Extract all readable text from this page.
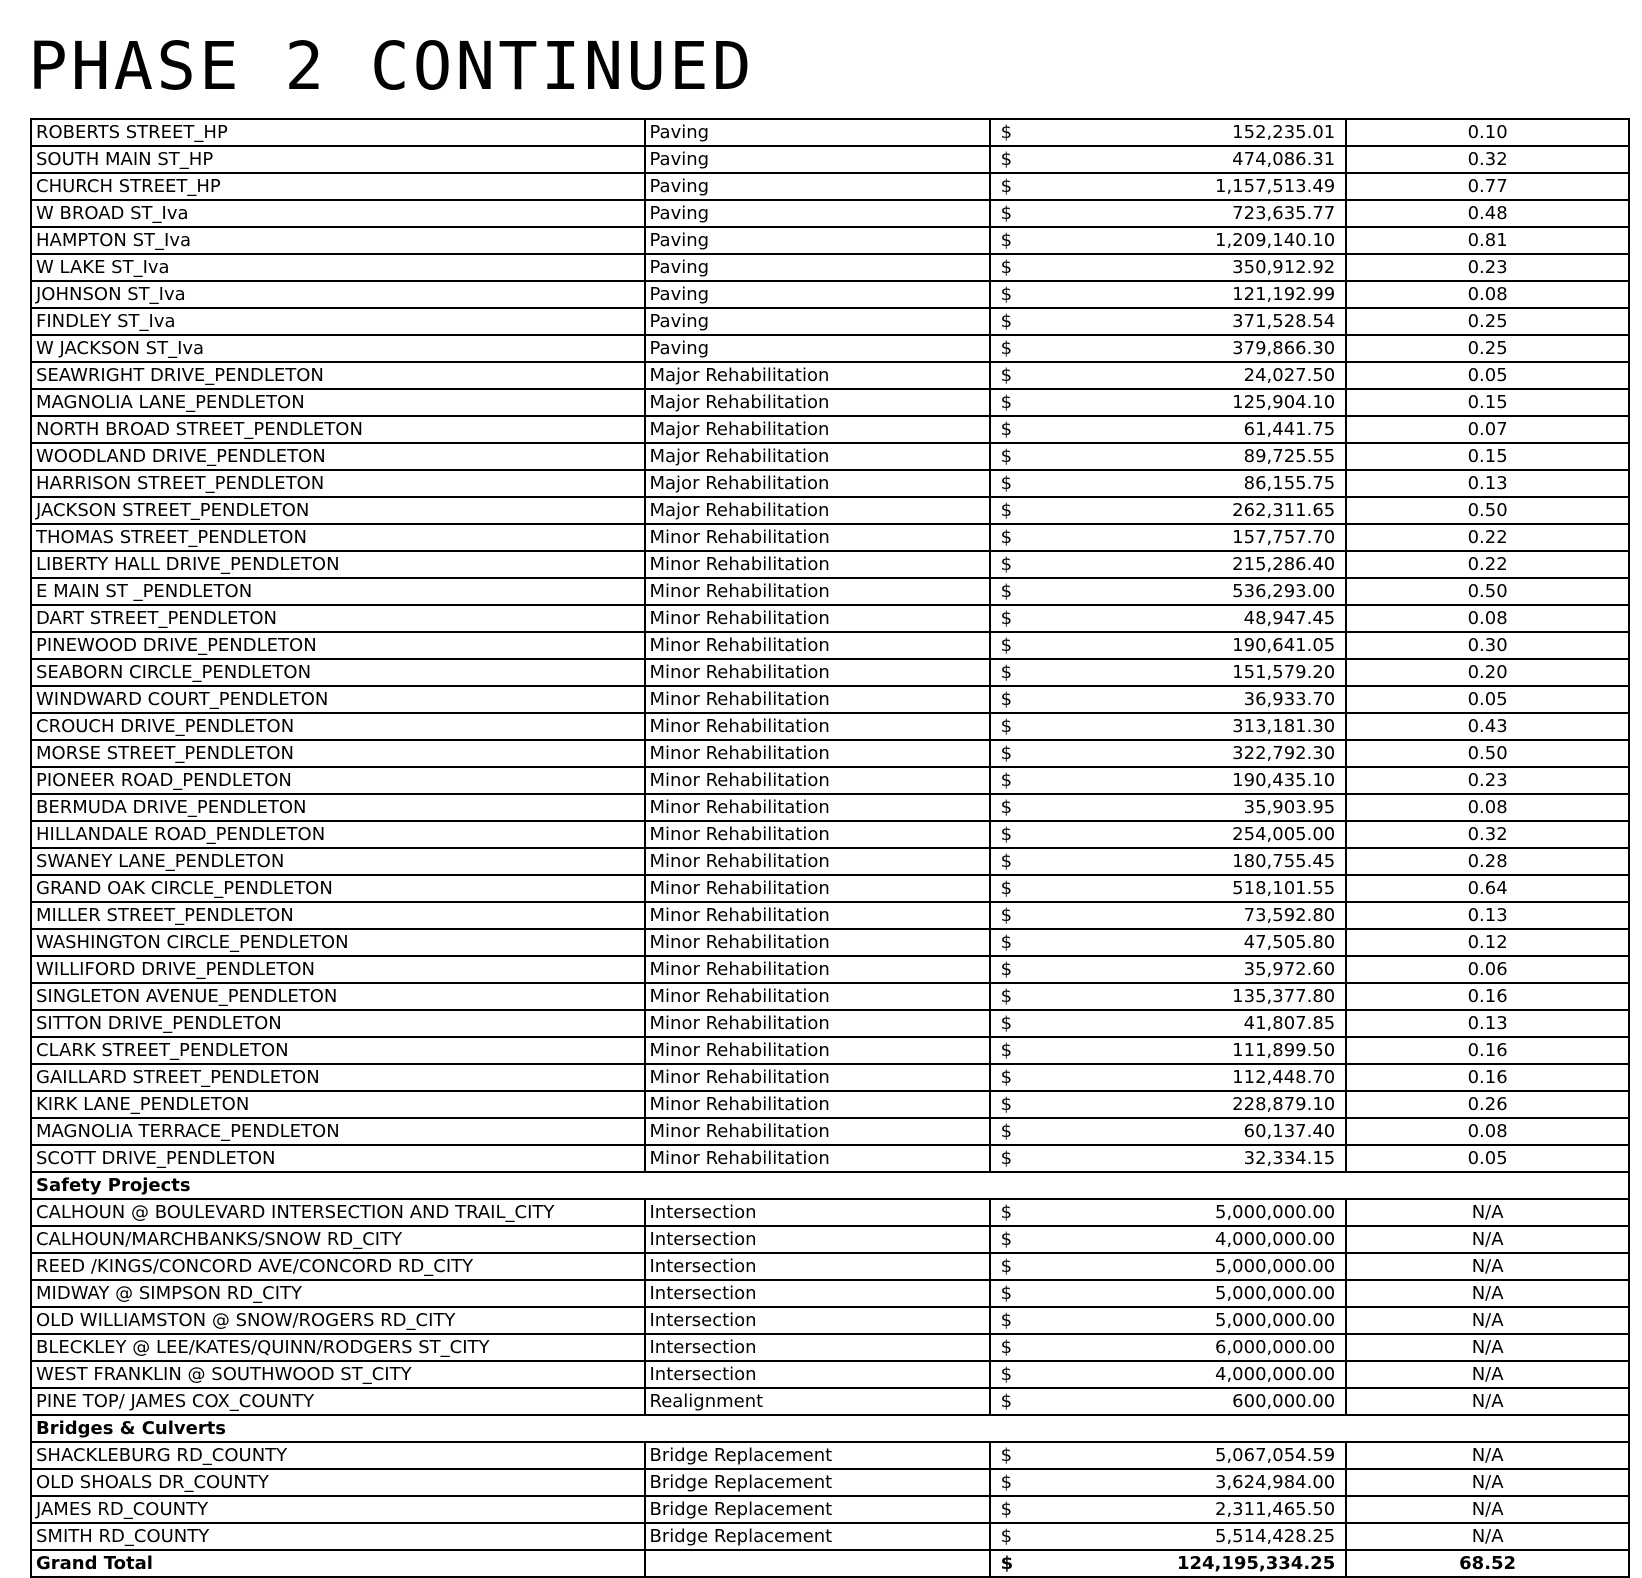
PHASE 2 CONTINUED
ROBERTS STREET_HP	Paving	$	152,235.01	0.10
SOUTH MAIN ST_HP	Paving	$	474,086.31	0.32
CHURCH STREET_HP	Paving	$	1,157,513.49	0.77
W BROAD ST_Iva	Paving	$	723,635.77	0.48
HAMPTON ST_Iva	Paving	$	1,209,140.10	0.81
W LAKE ST_Iva	Paving	$	350,912.92	0.23
JOHNSON ST_Iva	Paving	$	121,192.99	0.08
FINDLEY ST_Iva	Paving	$	371,528.54	0.25
W JACKSON ST_Iva	Paving	$	379,866.30	0.25
SEAWRIGHT DRIVE_PENDLETON	Major Rehabilitation	$	24,027.50	0.05
MAGNOLIA LANE_PENDLETON	Major Rehabilitation	$	125,904.10	0.15
NORTH BROAD STREET_PENDLETON	Major Rehabilitation	$	61,441.75	0.07
WOODLAND DRIVE_PENDLETON	Major Rehabilitation	$	89,725.55	0.15
HARRISON STREET_PENDLETON	Major Rehabilitation	$	86,155.75	0.13
JACKSON STREET_PENDLETON	Major Rehabilitation	$	262,311.65	0.50
THOMAS STREET_PENDLETON	Minor Rehabilitation	$	157,757.70	0.22
LIBERTY HALL DRIVE_PENDLETON	Minor Rehabilitation	$	215,286.40	0.22
E MAIN ST _PENDLETON	Minor Rehabilitation	$	536,293.00	0.50
DART STREET_PENDLETON	Minor Rehabilitation	$	48,947.45	0.08
PINEWOOD DRIVE_PENDLETON	Minor Rehabilitation	$	190,641.05	0.30
SEABORN CIRCLE_PENDLETON	Minor Rehabilitation	$	151,579.20	0.20
WINDWARD COURT_PENDLETON	Minor Rehabilitation	$	36,933.70	0.05
CROUCH DRIVE_PENDLETON	Minor Rehabilitation	$	313,181.30	0.43
MORSE STREET_PENDLETON	Minor Rehabilitation	$	322,792.30	0.50
PIONEER ROAD_PENDLETON	Minor Rehabilitation	$	190,435.10	0.23
BERMUDA DRIVE_PENDLETON	Minor Rehabilitation	$	35,903.95	0.08
HILLANDALE ROAD_PENDLETON	Minor Rehabilitation	$	254,005.00	0.32
SWANEY LANE_PENDLETON	Minor Rehabilitation	$	180,755.45	0.28
GRAND OAK CIRCLE_PENDLETON	Minor Rehabilitation	$	518,101.55	0.64
MILLER STREET_PENDLETON	Minor Rehabilitation	$	73,592.80	0.13
WASHINGTON CIRCLE_PENDLETON	Minor Rehabilitation	$	47,505.80	0.12
WILLIFORD DRIVE_PENDLETON	Minor Rehabilitation	$	35,972.60	0.06
SINGLETON AVENUE_PENDLETON	Minor Rehabilitation	$	135,377.80	0.16
SITTON DRIVE_PENDLETON	Minor Rehabilitation	$	41,807.85	0.13
CLARK STREET_PENDLETON	Minor Rehabilitation	$	111,899.50	0.16
GAILLARD STREET_PENDLETON	Minor Rehabilitation	$	112,448.70	0.16
KIRK LANE_PENDLETON	Minor Rehabilitation	$	228,879.10	0.26
MAGNOLIA TERRACE_PENDLETON	Minor Rehabilitation	$	60,137.40	0.08
SCOTT DRIVE_PENDLETON	Minor Rehabilitation	$	32,334.15	0.05
Safety Projects				
CALHOUN @ BOULEVARD INTERSECTION AND TRAIL_CITY	Intersection	$	5,000,000.00	N/A
CALHOUN/MARCHBANKS/SNOW RD_CITY	Intersection	$	4,000,000.00	N/A
REED /KINGS/CONCORD AVE/CONCORD RD_CITY	Intersection	$	5,000,000.00	N/A
MIDWAY @ SIMPSON RD_CITY	Intersection	$	5,000,000.00	N/A
OLD WILLIAMSTON @ SNOW/ROGERS RD_CITY	Intersection	$	5,000,000.00	N/A
BLECKLEY @ LEE/KATES/QUINN/RODGERS ST_CITY	Intersection	$	6,000,000.00	N/A
WEST FRANKLIN @ SOUTHWOOD ST_CITY	Intersection	$	4,000,000.00	N/A
PINE TOP/ JAMES COX_COUNTY	Realignment	$	600,000.00	N/A
Bridges & Culverts				
SHACKLEBURG RD_COUNTY	Bridge Replacement	$	5,067,054.59	N/A
OLD SHOALS DR_COUNTY	Bridge Replacement	$	3,624,984.00	N/A
JAMES RD_COUNTY	Bridge Replacement	$	2,311,465.50	N/A
SMITH RD_COUNTY	Bridge Replacement	$	5,514,428.25	N/A
Grand Total		$	124,195,334.25	68.52
